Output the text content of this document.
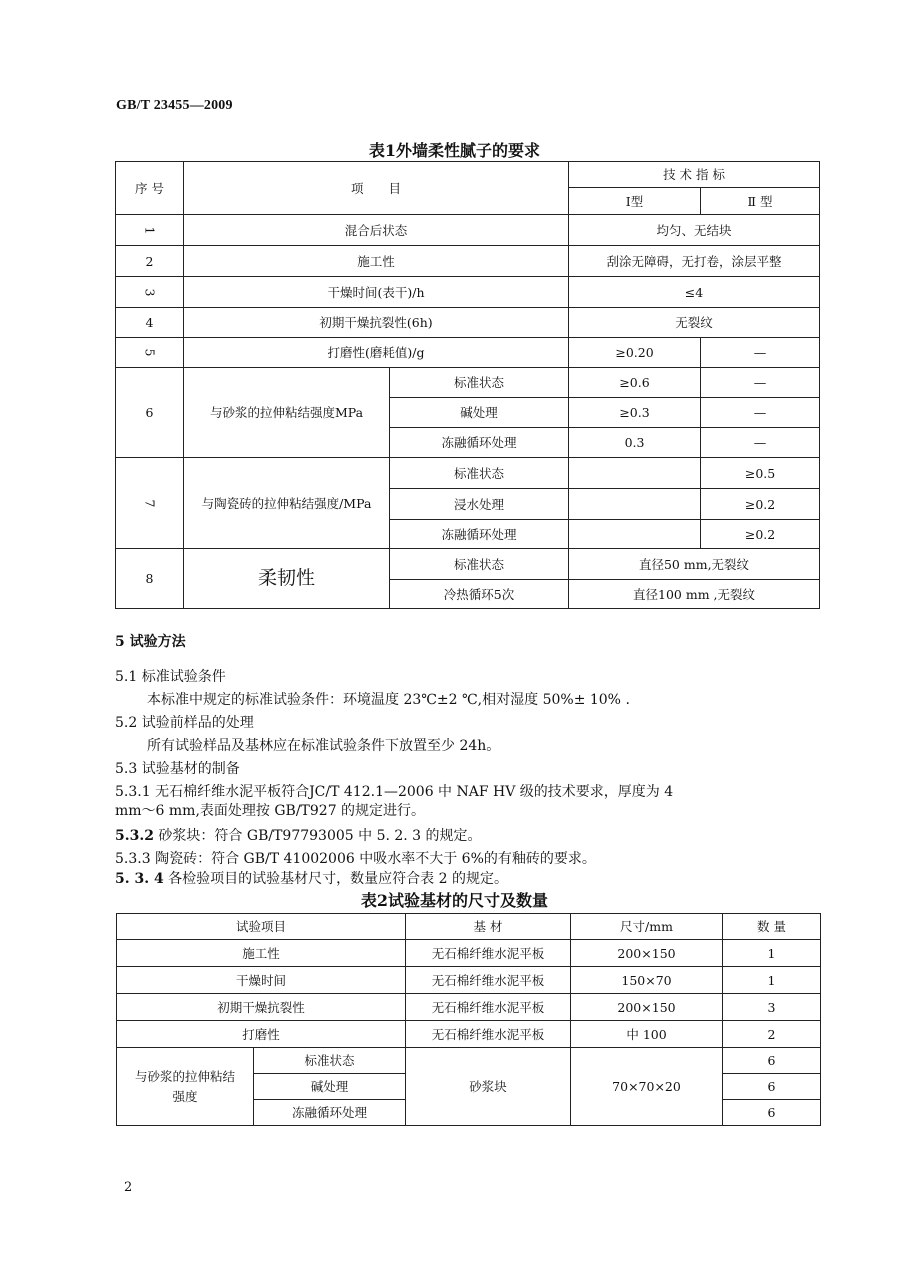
GB/T 23455—2009
表1外墙柔性腻子的要求
序 号	项　　目		技 术 指 标	
			I型	Ⅱ 型
1	混合后状态		均匀、无结块	
2	施工性		刮涂无障碍，无打卷，涂层平整	
3	干燥时间(表干)/h		≤4	
4	初期干燥抗裂性(6h)		无裂纹	
5	打磨性(磨耗值)/g		≥0.20	—
6	与砂浆的拉伸粘结强度MPa	标准状态	≥0.6	—
		碱处理	≥0.3	—
		冻融循环处理	0.3	—
7	与陶瓷砖的拉伸粘结强度/MPa	标准状态		≥0.5
		浸水处理		≥0.2
		冻融循环处理		≥0.2
8	柔韧性	标准状态	直径50 mm,无裂纹	
		冷热循环5次	直径100 mm ,无裂纹	
5 试验方法
5.1 标准试验条件
本标准中规定的标准试验条件：环境温度 23℃±2 ℃,相对湿度 50%± 10% .
5.2 试验前样品的处理
所有试验样品及基林应在标准试验条件下放置至少 24h。
5.3 试验基材的制备
5.3.1 无石棉纤维水泥平板符合JC/T 412.1—2006 中 NAF HV 级的技术要求，厚度为 4
mm～6 mm,表面处理按 GB/T927 的规定进行。
5.3.2 砂浆块：符合 GB/T97793005 中 5. 2. 3 的规定。
5.3.3 陶瓷砖：符合 GB/T 41002006 中吸水率不大于 6%的有釉砖的要求。
5. 3. 4 各检验项目的试验基材尺寸，数量应符合表 2 的规定。
表2试验基材的尺寸及数量
试验项目		基 材	尺寸/mm	数 量
施工性		无石棉纤维水泥平板	200×150	1
干燥时间		无石棉纤维水泥平板	150×70	1
初期干燥抗裂性		无石棉纤维水泥平板	200×150	3
打磨性		无石棉纤维水泥平板	中 100	2
与砂浆的拉伸粘结强度	标准状态	砂浆块	70×70×20	6
	碱处理			6
	冻融循环处理			6
2
